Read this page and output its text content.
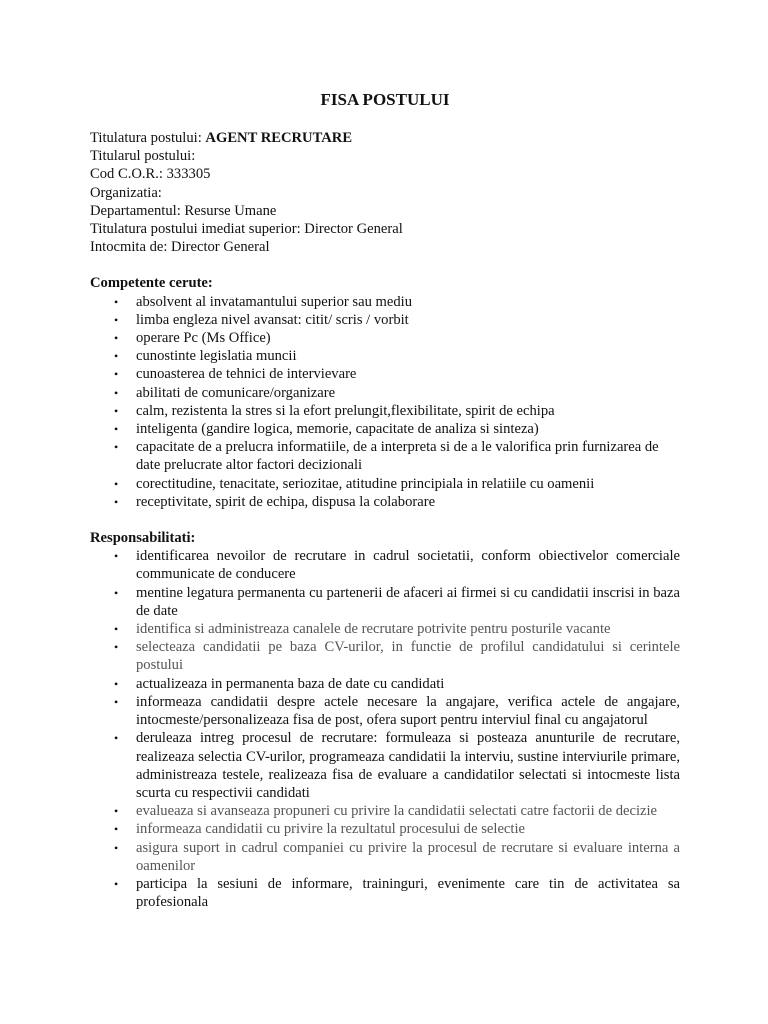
FISA POSTULUI
Titulatura postului: AGENT RECRUTARE
Titularul postului:
Cod C.O.R.: 333305
Organizatia:
Departamentul: Resurse Umane
Titulatura postului imediat superior: Director General
Intocmita de: Director General
Competente cerute:
• absolvent al invatamantului superior sau mediu
• limba engleza nivel avansat: citit/ scris / vorbit
• operare Pc (Ms Office)
• cunostinte legislatia muncii
• cunoasterea de tehnici de intervievare
• abilitati de comunicare/organizare
• calm, rezistenta la stres si la efort prelungit,flexibilitate, spirit de echipa
• inteligenta (gandire logica, memorie, capacitate de analiza si sinteza)
• capacitate de a prelucra informatiile, de a interpreta si de a le valorifica prin furnizarea de date prelucrate altor factori decizionali
• corectitudine, tenacitate, seriozitae, atitudine principiala in relatiile cu oamenii
• receptivitate, spirit de echipa, dispusa la colaborare
Responsabilitati:
• identificarea nevoilor de recrutare in cadrul societatii, conform obiectivelor comerciale communicate de conducere
• mentine legatura permanenta cu partenerii de afaceri ai firmei si cu candidatii inscrisi in baza de date
• identifica si administreaza canalele de recrutare potrivite pentru posturile vacante
• selecteaza candidatii pe baza CV-urilor, in functie de profilul candidatului si cerintele postului
• actualizeaza in permanenta baza de date cu candidati
• informeaza candidatii despre actele necesare la angajare, verifica actele de angajare, intocmeste/personalizeaza fisa de post, ofera suport pentru interviul final cu angajatorul
• deruleaza intreg procesul de recrutare: formuleaza si posteaza anunturile de recrutare, realizeaza selectia CV-urilor, programeaza candidatii la interviu, sustine interviurile primare, administreaza testele, realizeaza fisa de evaluare a candidatilor selectati si intocmeste lista scurta cu respectivii candidati
• evalueaza si avanseaza propuneri cu privire la candidatii selectati catre factorii de decizie
• informeaza candidatii cu privire la rezultatul procesului de selectie
• asigura suport in cadrul companiei cu privire la procesul de recrutare si evaluare interna a oamenilor
• participa la sesiuni de informare, traininguri, evenimente care tin de activitatea sa profesionala
